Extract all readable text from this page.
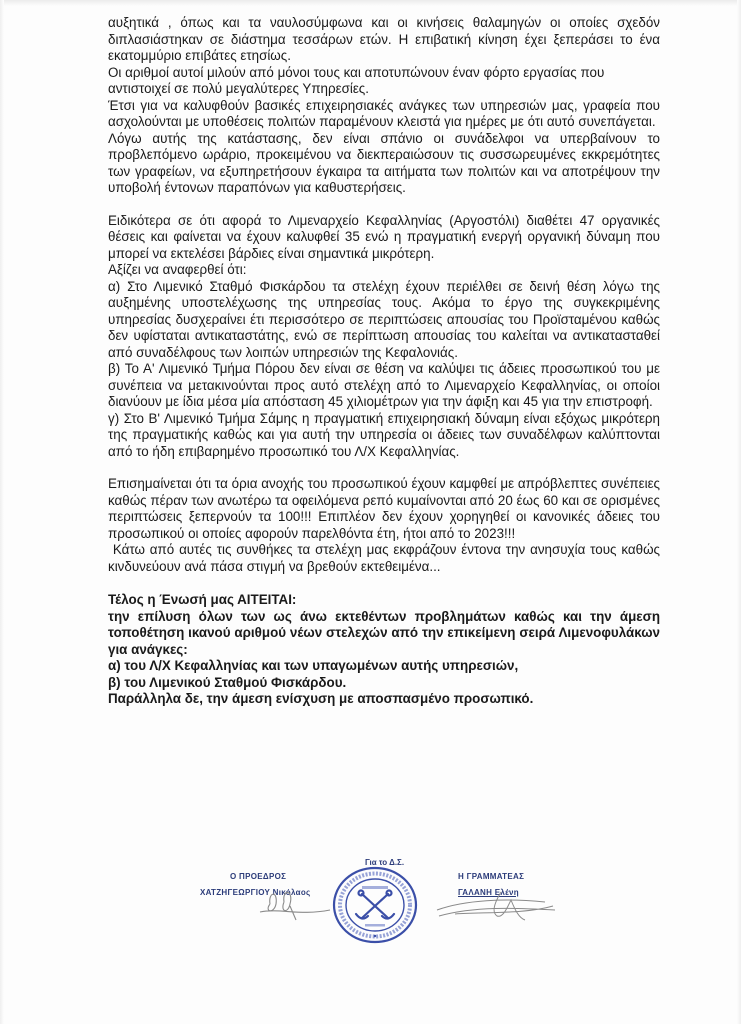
αυξητικά , όπως και τα ναυλοσύμφωνα και οι κινήσεις θαλαμηγών οι οποίες σχεδόν διπλασιάστηκαν σε διάστημα τεσσάρων ετών. Η επιβατική κίνηση έχει ξεπεράσει το ένα εκατομμύριο επιβάτες ετησίως.

Οι αριθμοί αυτοί μιλούν από μόνοι τους και αποτυπώνουν έναν φόρτο εργασίας που αντιστοιχεί σε πολύ μεγαλύτερες Υπηρεσίες.

Έτσι για να καλυφθούν βασικές επιχειρησιακές ανάγκες των υπηρεσιών μας, γραφεία που ασχολούνται με υποθέσεις πολιτών παραμένουν κλειστά για ημέρες με ότι αυτό συνεπάγεται.

Λόγω αυτής της κατάστασης, δεν είναι σπάνιο οι συνάδελφοι να υπερβαίνουν το προβλεπόμενο ωράριο, προκειμένου να διεκπεραιώσουν τις συσσωρευμένες εκκρεμότητες των γραφείων, να εξυπηρετήσουν έγκαιρα τα αιτήματα των πολιτών και να αποτρέψουν την υποβολή έντονων παραπόνων για καθυστερήσεις.

Ειδικότερα σε ότι αφορά το Λιμεναρχείο Κεφαλληνίας (Αργοστόλι) διαθέτει 47 οργανικές θέσεις και φαίνεται να έχουν καλυφθεί 35 ενώ η πραγματική ενεργή οργανική δύναμη που μπορεί να εκτελέσει βάρδιες είναι σημαντικά μικρότερη.

Αξίζει να αναφερθεί ότι:

α) Στο Λιμενικό Σταθμό Φισκάρδου τα στελέχη έχουν περιέλθει σε δεινή θέση λόγω της αυξημένης υποστελέχωσης της υπηρεσίας τους. Ακόμα το έργο της συγκεκριμένης υπηρεσίας δυσχεραίνει έτι περισσότερο σε περιπτώσεις απουσίας του Προϊσταμένου καθώς δεν υφίσταται αντικαταστάτης, ενώ σε περίπτωση απουσίας του καλείται να αντικατασταθεί από συναδέλφους των λοιπών υπηρεσιών της Κεφαλονιάς.

β) Το Α' Λιμενικό Τμήμα Πόρου δεν είναι σε θέση να καλύψει τις άδειες προσωπικού του με συνέπεια να μετακινούνται προς αυτό στελέχη από το Λιμεναρχείο Κεφαλληνίας, οι οποίοι διανύουν με ίδια μέσα μία απόσταση 45 χιλιομέτρων για την άφιξη και 45 για την επιστροφή.

γ) Στο Β' Λιμενικό Τμήμα Σάμης η πραγματική επιχειρησιακή δύναμη είναι εξόχως μικρότερη της πραγματικής καθώς και για αυτή την υπηρεσία οι άδειες των συναδέλφων καλύπτονται από το ήδη επιβαρημένο προσωπικό του Λ/Χ Κεφαλληνίας.

Επισημαίνεται ότι τα όρια ανοχής του προσωπικού έχουν καμφθεί με απρόβλεπτες συνέπειες καθώς πέραν των ανωτέρω τα οφειλόμενα ρεπό κυμαίνονται από 20 έως 60 και σε ορισμένες περιπτώσεις ξεπερνούν τα 100!!! Επιπλέον δεν έχουν χορηγηθεί οι κανονικές άδειες του προσωπικού οι οποίες αφορούν παρελθόντα έτη, ήτοι από το 2023!!!

Κάτω από αυτές τις συνθήκες τα στελέχη μας εκφράζουν έντονα την ανησυχία τους καθώς κινδυνεύουν ανά πάσα στιγμή να βρεθούν εκτεθειμένα...

Τέλος η Ένωσή μας ΑΙΤΕΙΤΑΙ:

την επίλυση όλων των ως άνω εκτεθέντων προβλημάτων καθώς και την άμεση τοποθέτηση ικανού αριθμού νέων στελεχών από την επικείμενη σειρά Λιμενοφυλάκων για ανάγκες:

α) του Λ/Χ Κεφαλληνίας και των υπαγωμένων αυτής υπηρεσιών,

β) του Λιμενικού Σταθμού Φισκάρδου.

Παράλληλα δε, την άμεση ενίσχυση με αποσπασμένο προσωπικό.

Για το Δ.Σ.
Ο ΠΡΟΕΔΡΟΣ
ΧΑΤΖΗΓΕΩΡΓΙΟΥ Νικόλαος
Η ΓΡΑΜΜΑΤΕΑΣ
ΓΑΛΑΝΗ Ελένη
